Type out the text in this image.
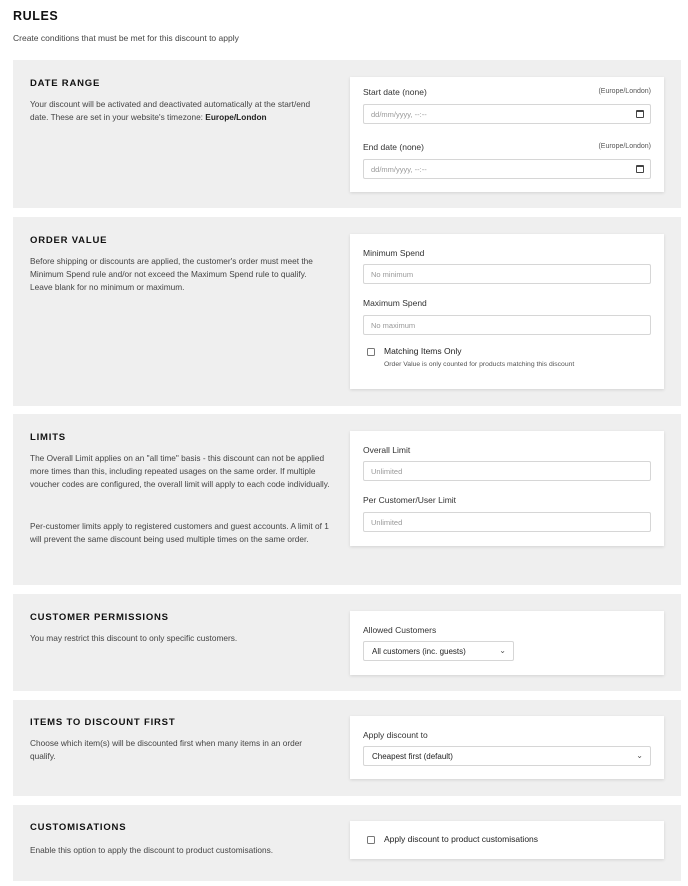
RULES
Create conditions that must be met for this discount to apply
DATE RANGE
Your discount will be activated and deactivated automatically at the start/end date. These are set in your website's timezone: Europe/London
Start date (none)	(Europe/London)
dd/mm/yyyy, --:--
End date (none)	(Europe/London)
dd/mm/yyyy, --:--
ORDER VALUE
Before shipping or discounts are applied, the customer's order must meet the Minimum Spend rule and/or not exceed the Maximum Spend rule to qualify. Leave blank for no minimum or maximum.
Minimum Spend
No minimum
Maximum Spend
No maximum
Matching Items Only
Order Value is only counted for products matching this discount
LIMITS
The Overall Limit applies on an "all time" basis - this discount can not be applied more times than this, including repeated usages on the same order. If multiple voucher codes are configured, the overall limit will apply to each code individually.
Per-customer limits apply to registered customers and guest accounts. A limit of 1 will prevent the same discount being used multiple times on the same order.
Overall Limit
Unlimited
Per Customer/User Limit
Unlimited
CUSTOMER PERMISSIONS
You may restrict this discount to only specific customers.
Allowed Customers
All customers (inc. guests)	⌄
ITEMS TO DISCOUNT FIRST
Choose which item(s) will be discounted first when many items in an order qualify.
Apply discount to
Cheapest first (default)	⌄
CUSTOMISATIONS
Enable this option to apply the discount to product customisations.
Apply discount to product customisations
